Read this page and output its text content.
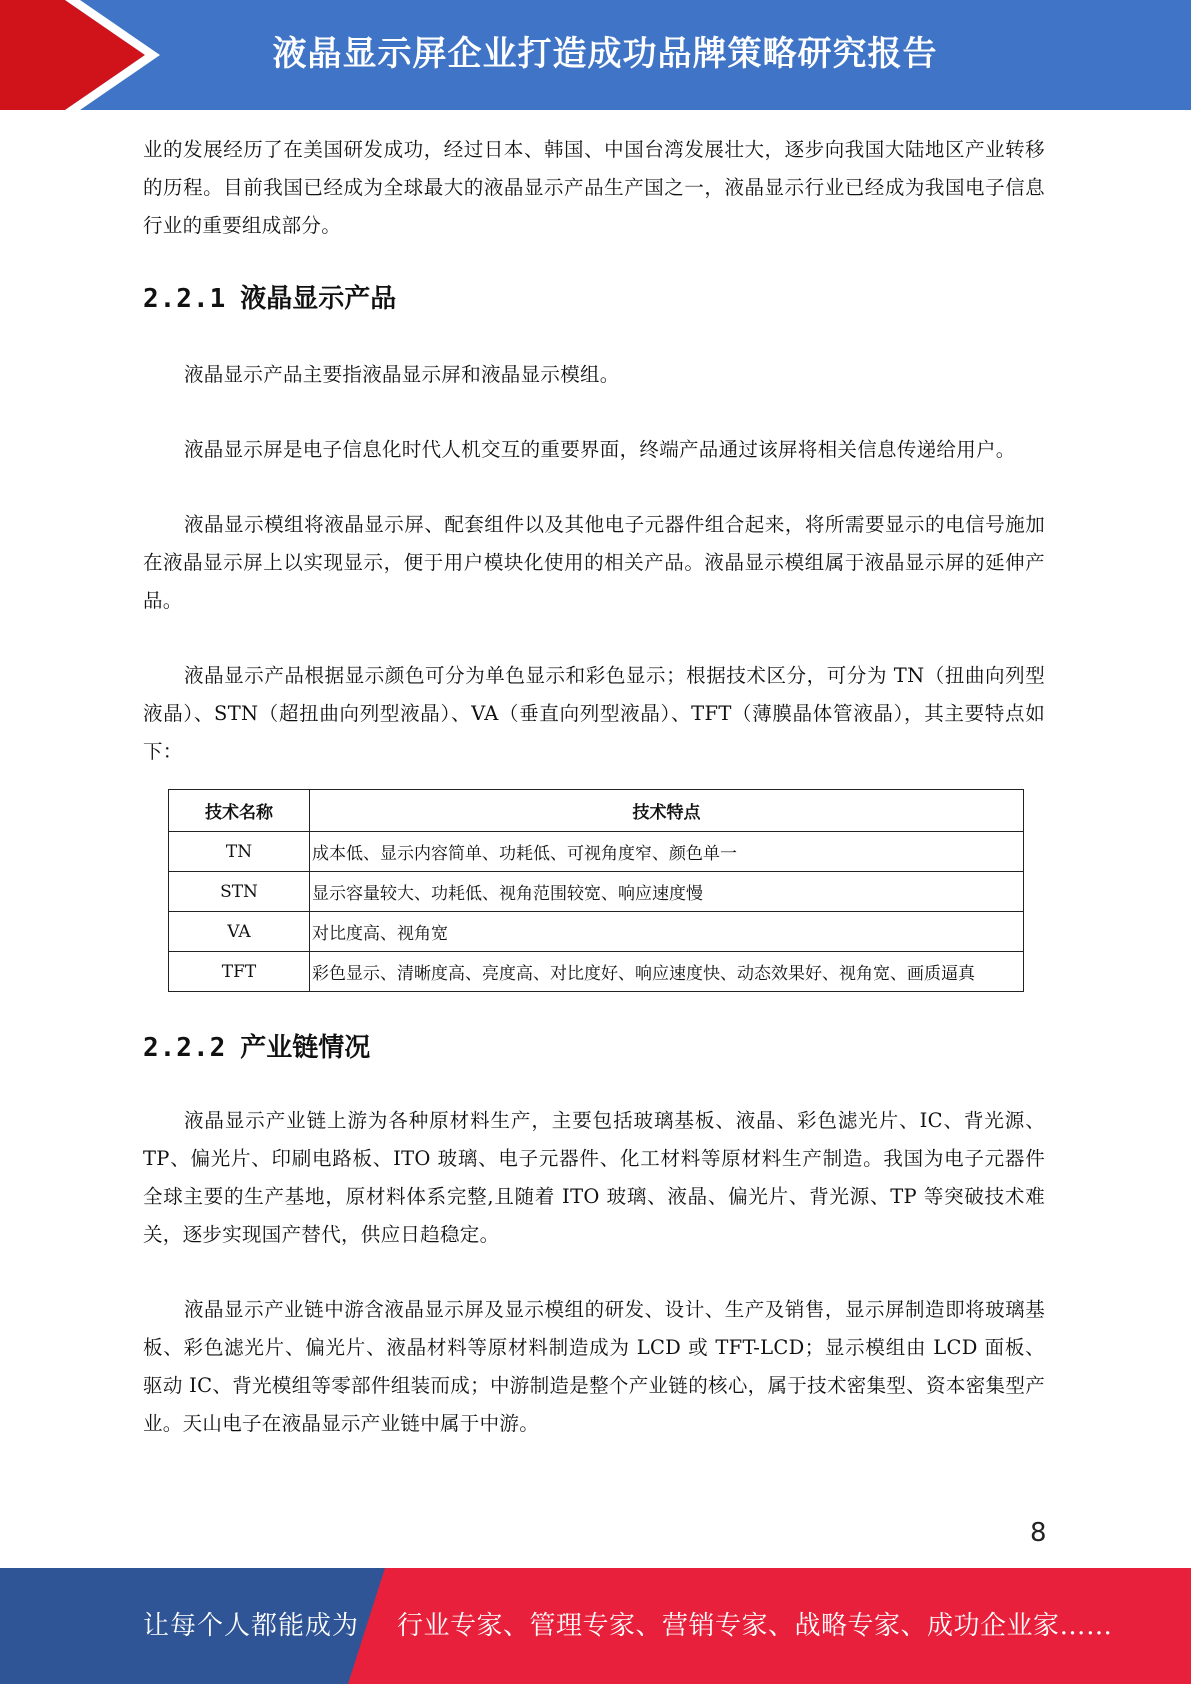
液晶显示屏企业打造成功品牌策略研究报告

业的发展经历了在美国研发成功，经过日本、韩国、中国台湾发展壮大，逐步向我国大陆地区产业转移的历程。目前我国已经成为全球最大的液晶显示产品生产国之一，液晶显示行业已经成为我国电子信息行业的重要组成部分。

2.2.1 液晶显示产品

液晶显示产品主要指液晶显示屏和液晶显示模组。

液晶显示屏是电子信息化时代人机交互的重要界面，终端产品通过该屏将相关信息传递给用户。

液晶显示模组将液晶显示屏、配套组件以及其他电子元器件组合起来，将所需要显示的电信号施加在液晶显示屏上以实现显示，便于用户模块化使用的相关产品。液晶显示模组属于液晶显示屏的延伸产品。

液晶显示产品根据显示颜色可分为单色显示和彩色显示；根据技术区分，可分为 TN（扭曲向列型液晶）、STN（超扭曲向列型液晶）、VA（垂直向列型液晶）、TFT（薄膜晶体管液晶），其主要特点如下：

技术名称	技术特点
TN	成本低、显示内容简单、功耗低、可视角度窄、颜色单一
STN	显示容量较大、功耗低、视角范围较宽、响应速度慢
VA	对比度高、视角宽
TFT	彩色显示、清晰度高、亮度高、对比度好、响应速度快、动态效果好、视角宽、画质逼真
2.2.2 产业链情况

液晶显示产业链上游为各种原材料生产，主要包括玻璃基板、液晶、彩色滤光片、IC、背光源、TP、偏光片、印刷电路板、ITO 玻璃、电子元器件、化工材料等原材料生产制造。我国为电子元器件全球主要的生产基地，原材料体系完整,且随着 ITO 玻璃、液晶、偏光片、背光源、TP 等突破技术难关，逐步实现国产替代，供应日趋稳定。

液晶显示产业链中游含液晶显示屏及显示模组的研发、设计、生产及销售，显示屏制造即将玻璃基板、彩色滤光片、偏光片、液晶材料等原材料制造成为 LCD 或 TFT-LCD；显示模组由 LCD 面板、驱动 IC、背光模组等零部件组装而成；中游制造是整个产业链的核心，属于技术密集型、资本密集型产业。天山电子在液晶显示产业链中属于中游。

8
让每个人都能成为 行业专家、管理专家、营销专家、战略专家、成功企业家……
